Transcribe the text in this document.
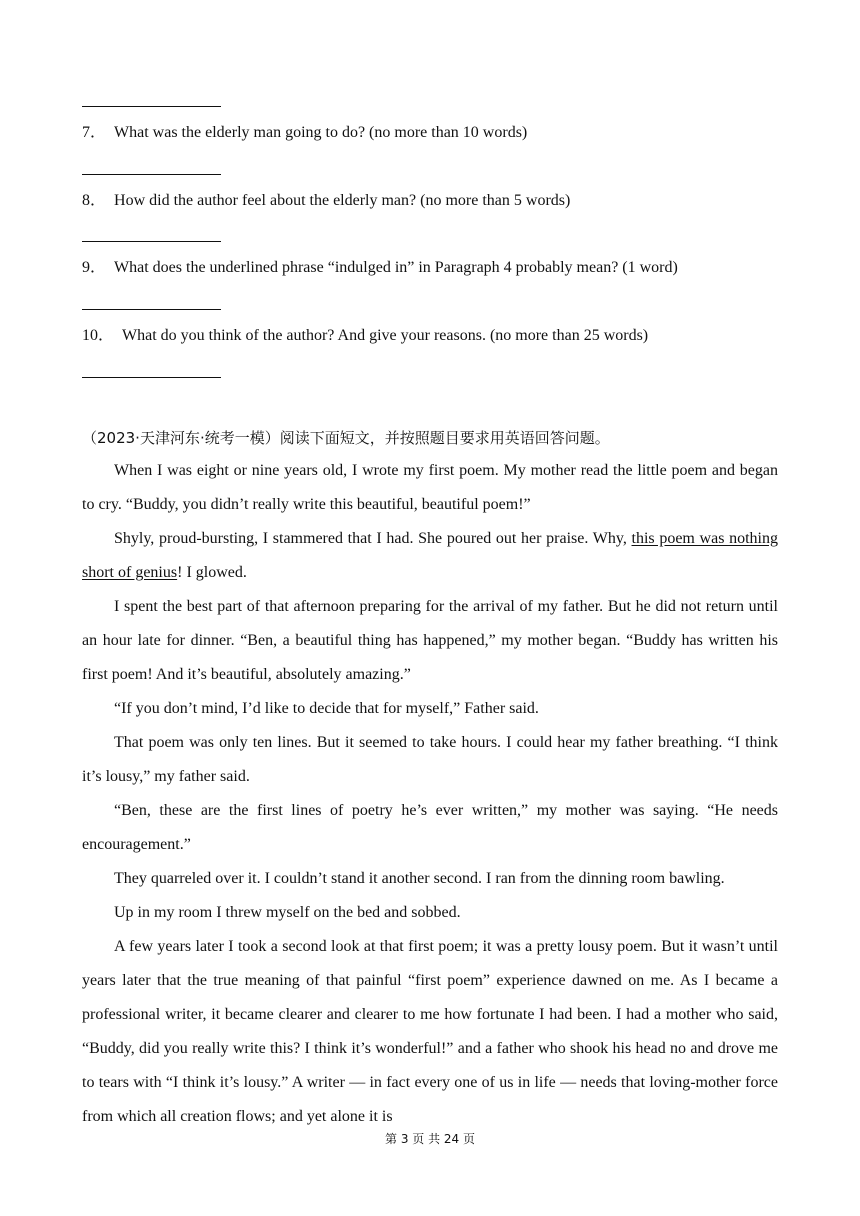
7． What was the elderly man going to do? (no more than 10 words)
8． How did the author feel about the elderly man? (no more than 5 words)
9． What does the underlined phrase “indulged in” in Paragraph 4 probably mean? (1 word)
10． What do you think of the author? And give your reasons. (no more than 25 words)
（2023·天津河东·统考一模）阅读下面短文，并按照题目要求用英语回答问题。

When I was eight or nine years old, I wrote my first poem. My mother read the little poem and began to cry. “Buddy, you didn’t really write this beautiful, beautiful poem!”

Shyly, proud-bursting, I stammered that I had. She poured out her praise. Why, this poem was nothing short of genius! I glowed.

I spent the best part of that afternoon preparing for the arrival of my father. But he did not return until an hour late for dinner. “Ben, a beautiful thing has happened,” my mother began. “Buddy has written his first poem! And it’s beautiful, absolutely amazing.”

“If you don’t mind, I’d like to decide that for myself,” Father said.

That poem was only ten lines. But it seemed to take hours. I could hear my father breathing. “I think it’s lousy,” my father said.

“Ben, these are the first lines of poetry he’s ever written,” my mother was saying. “He needs encouragement.”

They quarreled over it. I couldn’t stand it another second. I ran from the dinning room bawling.

Up in my room I threw myself on the bed and sobbed.

A few years later I took a second look at that first poem; it was a pretty lousy poem. But it wasn’t until years later that the true meaning of that painful “first poem” experience dawned on me. As I became a professional writer, it became clearer and clearer to me how fortunate I had been. I had a mother who said, “Buddy, did you really write this? I think it’s wonderful!” and a father who shook his head no and drove me to tears with “I think it’s lousy.” A writer — in fact every one of us in life — needs that loving-mother force from which all creation flows; and yet alone it is

第 3 页 共 24 页
